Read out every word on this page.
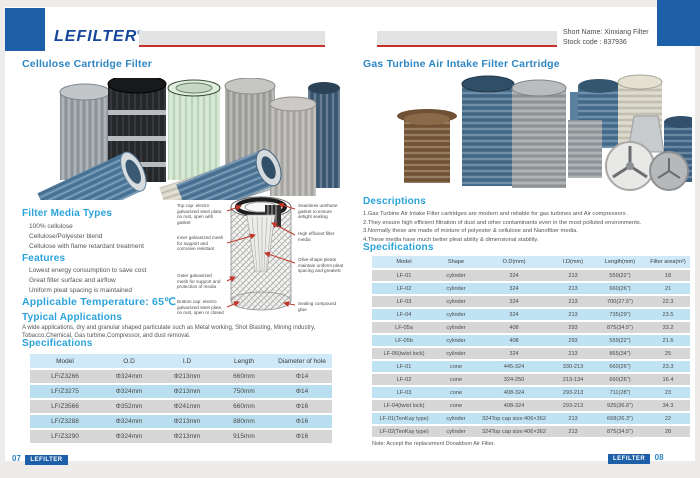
LEFILTER	Short Name: Xinxiang Filter
Stock code : 837936
Cellulose Cartridge Filter	Gas Turbine Air Intake Filter Cartridge
Filter Media Types
100% cellulose
Cellulose/Polyester blend
Cellulose with flame retardant treatment
Features
Lowest energy consumption to save cost
Great filter surface and airflow
Uniform pleat spacing is maintained
Applicable Temperature: 65℃
Typical Applications
A wide applications, dry and granular shaped particulate such as Metal working, Shot Blasting, Mining industry, Tobacco,Chemical, Gas turbine,Compressor, and dust removal.
Specifications
Top cap: electro galvanized steel plate, no rust, open with gasket
Inner galvanized mesh for support and corrosive resistant
Outer galvanized mesh for support and protection of media
Bottom cap: electro galvanized steel plate, no rust, open or closed
Seamless urethane gasket to ensure airtight sealing
High efficient filter media
Olive-shape pleats maintain uniform pleat spacing and greatest
Sealing compound glue
Model	O.D	I.D	Length	Diameter of hole
LF/Z3266	Φ324mm	Φ213mm	660mm	Φ14
LF/Z3275	Φ324mm	Φ213mm	750mm	Φ14
LF/Z3566	Φ352mm	Φ241mm	660mm	Φ16
LF/Z3288	Φ324mm	Φ213mm	880mm	Φ16
LF/Z3290	Φ324mm	Φ213mm	915mm	Φ16
07 LEFILTER
Descriptions
1.Gas Turbine Air Intake Filter cartridges are modern and reliable for gas turbines and Air compressors .
2.They ensure high efficient filtration of dust and other contaminants even in the most polluted environments.
3.Normally these are made of mixture of polyester & cellulose and Nanofiber media.
4.These media have much better pleat ability & dimensional stability.
Specifications
Model	Shape	O.D(mm)	I.D(mm)	Length(mm)	Filter area(m²)
LF-01	cylinder	324	213	559(22")	18
LF-02	cylinder	324	213	660(26")	21
LF-03	cylinder	324	213	700(27.5")	22.3
LF-04	cylinder	324	213	735(29")	23.5
LF-05a	cylinder	408	293	875(34.5")	33.2
LF-05b	cylinder	408	293	559(22")	21.6
LF-06(twist lock)	cylinder	324	213	865(34")	25
LF-01	cone	445-324	330-213	660(26")	23.3
LF-02	cone	324-250	213-134	660(26")	16.4
LF-03	cone	408-324	293-213	711(28")	23
LF-04(twist lock)	cone	408-324	293-213	925(36.6")	34.3
LF-01(TenKay type)	cylinder	324Top cap size:406×362	213	668(26.3")	22
LF-02(TenKay type)	cylinder	324Top cap size:406×362	213	875(34.5")	28
Note: Accept the replacement Donaldson Air Filter.
LEFILTER 08
